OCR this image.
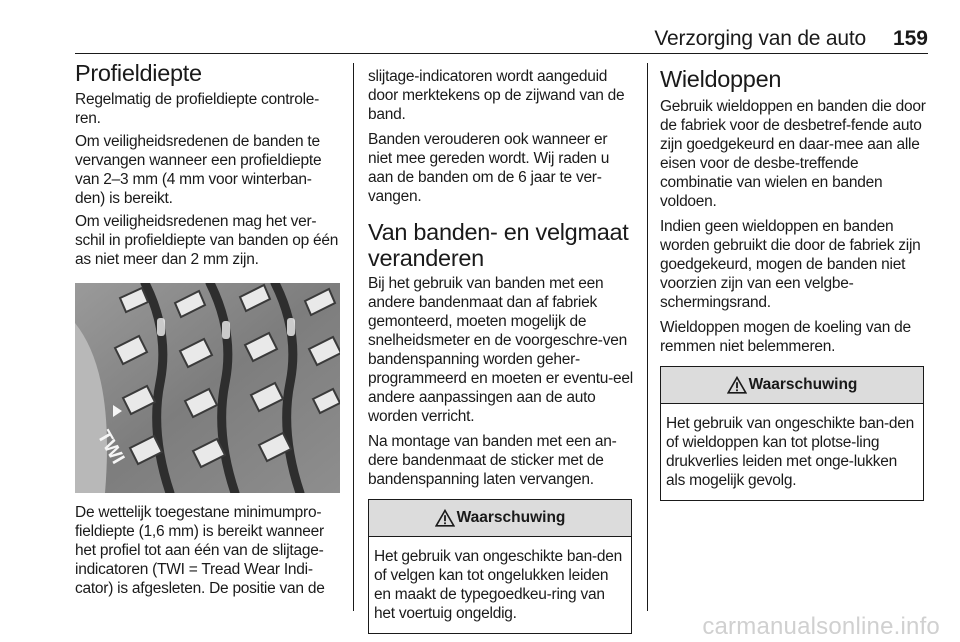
Verzorging van de auto	159
Profieldiepte

Regelmatig de profieldiepte controle-ren.

Om veiligheidsredenen de banden te vervangen wanneer een profieldiepte van 2–3 mm (4 mm voor winterban-den) is bereikt.

Om veiligheidsredenen mag het ver-schil in profieldiepte van banden op één as niet meer dan 2 mm zijn.

TWI

De wettelijk toegestane minimumpro-fieldiepte (1,6 mm) is bereikt wanneer het profiel tot aan één van de slijtage-indicatoren (TWI = Tread Wear Indi-cator) is afgesleten. De positie van de

slijtage-indicatoren wordt aangeduid door merktekens op de zijwand van de band.

Banden verouderen ook wanneer er niet mee gereden wordt. Wij raden u aan de banden om de 6 jaar te ver-vangen.

Van banden- en velgmaat veranderen

Bij het gebruik van banden met een andere bandenmaat dan af fabriek gemonteerd, moeten mogelijk de snelheidsmeter en de voorgeschre-ven bandenspanning worden geher-programmeerd en moeten er eventu-eel andere aanpassingen aan de auto worden verricht.

Na montage van banden met een an-dere bandenmaat de sticker met de bandenspanning laten vervangen.

Waarschuwing
Het gebruik van ongeschikte ban-den of velgen kan tot ongelukken leiden en maakt de typegoedkeu-ring van het voertuig ongeldig.
Wieldoppen

Gebruik wieldoppen en banden die door de fabriek voor de desbetref-fende auto zijn goedgekeurd en daar-mee aan alle eisen voor de desbe-treffende combinatie van wielen en banden voldoen.

Indien geen wieldoppen en banden worden gebruikt die door de fabriek zijn goedgekeurd, mogen de banden niet voorzien zijn van een velgbe-schermingsrand.

Wieldoppen mogen de koeling van de remmen niet belemmeren.

Waarschuwing
Het gebruik van ongeschikte ban-den of wieldoppen kan tot plotse-ling drukverlies leiden met onge-lukken als mogelijk gevolg.
carmanualsonline.info
